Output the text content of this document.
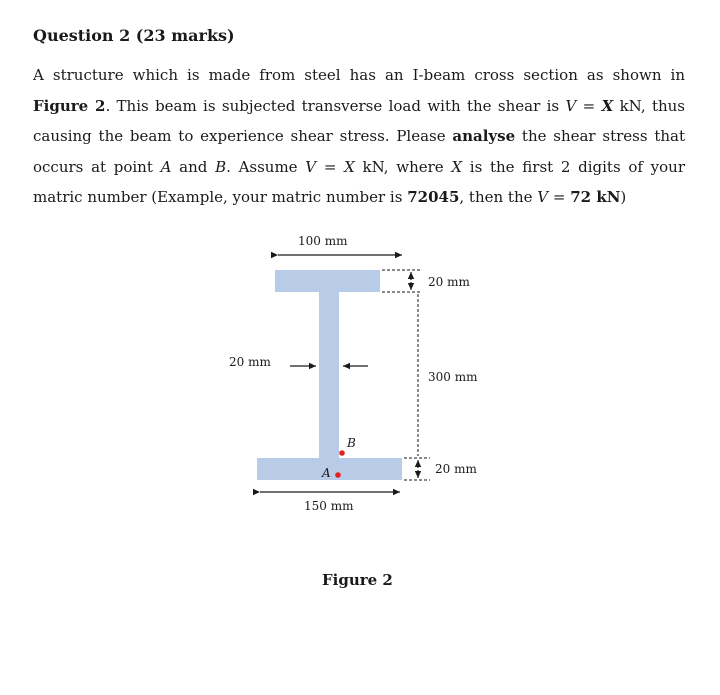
Question 2 (23 marks)
A structure which is made from steel has an I-beam cross section as shown in
Figure 2. This beam is subjected transverse load with the shear is V = X kN, thus
causing the beam to experience shear stress. Please analyse the shear stress that
occurs at point A and B. Assume V = X kN, where X is the first 2 digits of your
matric number (Example, your matric number is 72045, then the V = 72 kN)
100 mm
20 mm
20 mm
300 mm
20 mm
150 mm
B
A
Figure 2
